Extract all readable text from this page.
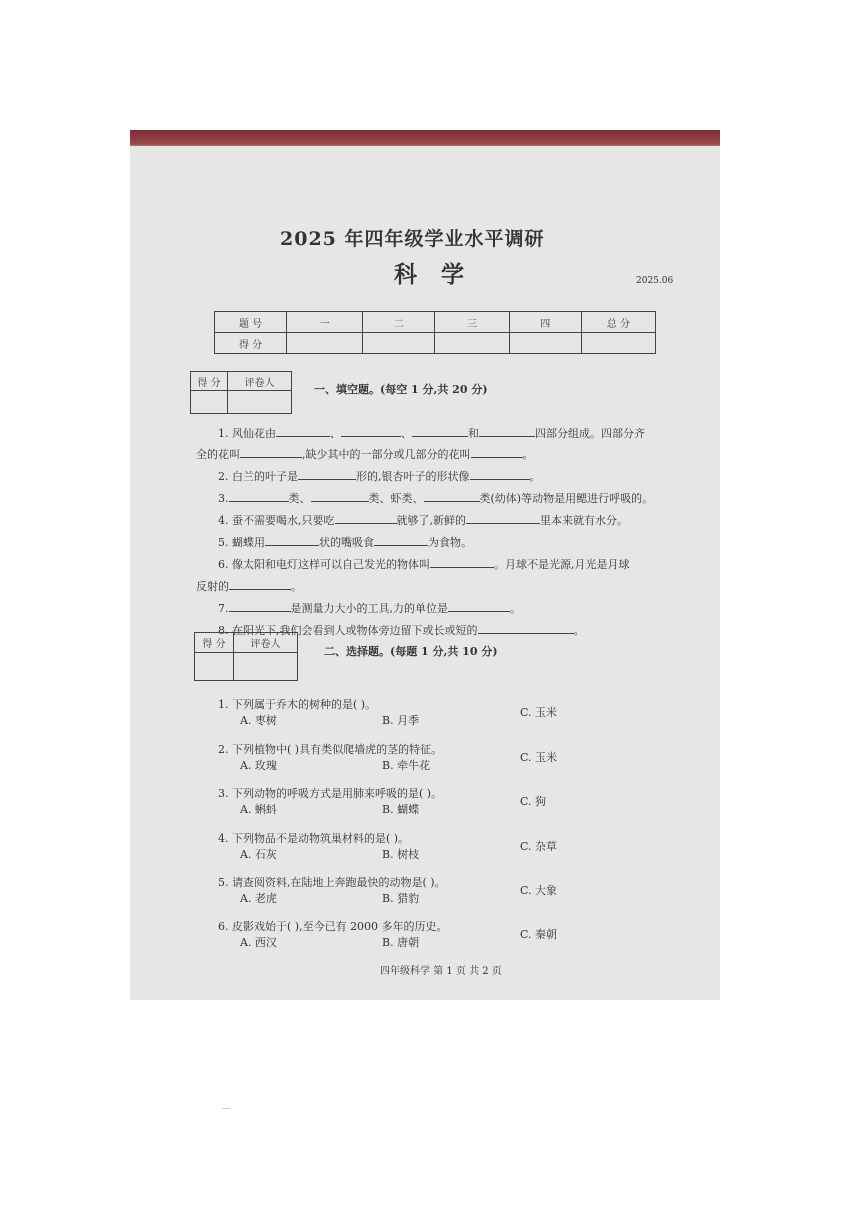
2025 年四年级学业水平调研
科 学	2025.06
题 号	一	二	三	四	总 分
得 分					
得 分	评卷人
		一、填空题。(每空 1 分,共 20 分)
1. 风仙花由	、	、	和	四部分组成。四部分齐
全的花叫	,缺少其中的一部分或几部分的花叫	。
2. 白兰的叶子是	形的,银杏叶子的形状像	。
3.	类、	类、虾类、	类(幼体)等动物是用鳃进行呼吸的。
4. 蚕不需要喝水,只要吃	就够了,新鲜的	里本来就有水分。
5. 蝴蝶用	状的嘴吸食	为食物。
6. 像太阳和电灯这样可以自己发光的物体叫	。月球不是光源,月光是月球
反射的	。
7.	是测量力大小的工具,力的单位是	。
8. 在阳光下,我们会看到人或物体旁边留下或长或短的	。
得 分	评卷人

二、选择题。(每题 1 分,共 10 分)
1. 下列属于乔木的树种的是( )。
A. 枣树	B. 月季
C. 玉米
2. 下列植物中( )具有类似爬墙虎的茎的特征。
A. 玫瑰	B. 牵牛花
C. 玉米
3. 下列动物的呼吸方式是用肺来呼吸的是( )。
A. 蝌蚪	B. 蝴蝶
C. 狗
4. 下列物品不是动物筑巢材料的是( )。
A. 石灰	B. 树枝
C. 杂草
5. 请查阅资料,在陆地上奔跑最快的动物是( )。
A. 老虎	B. 猎豹
C. 大象
6. 皮影戏始于( ),至今已有 2000 多年的历史。
A. 西汉	B. 唐朝
C. 秦朝
四年级科学 第 1 页 共 2 页
